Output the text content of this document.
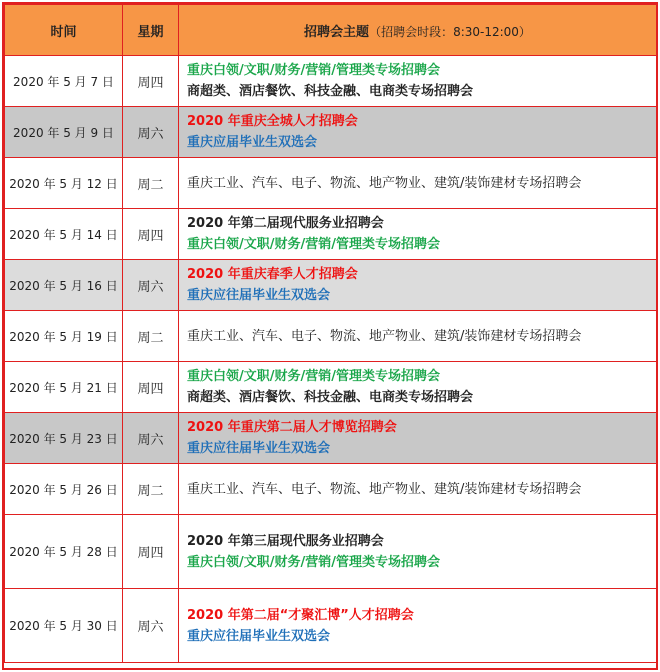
时间	星期	招聘会主题（招聘会时段：8:30-12:00）
2020 年 5 月 7 日	周四	重庆白领/文职/财务/营销/管理类专场招聘会
商超类、酒店餐饮、科技金融、电商类专场招聘会

2020 年 5 月 9 日	周六	2020 年重庆全城人才招聘会
重庆应届毕业生双选会

2020 年 5 月 12 日	周二	重庆工业、汽车、电子、物流、地产物业、建筑/装饰建材专场招聘会

2020 年 5 月 14 日	周四	2020 年第二届现代服务业招聘会
重庆白领/文职/财务/营销/管理类专场招聘会

2020 年 5 月 16 日	周六	2020 年重庆春季人才招聘会
重庆应往届毕业生双选会

2020 年 5 月 19 日	周二	重庆工业、汽车、电子、物流、地产物业、建筑/装饰建材专场招聘会

2020 年 5 月 21 日	周四	重庆白领/文职/财务/营销/管理类专场招聘会
商超类、酒店餐饮、科技金融、电商类专场招聘会

2020 年 5 月 23 日	周六	2020 年重庆第二届人才博览招聘会
重庆应往届毕业生双选会

2020 年 5 月 26 日	周二	重庆工业、汽车、电子、物流、地产物业、建筑/装饰建材专场招聘会

2020 年 5 月 28 日	周四	2020 年第三届现代服务业招聘会
重庆白领/文职/财务/营销/管理类专场招聘会

2020 年 5 月 30 日	周六	2020 年第二届“才聚汇博”人才招聘会
重庆应往届毕业生双选会
